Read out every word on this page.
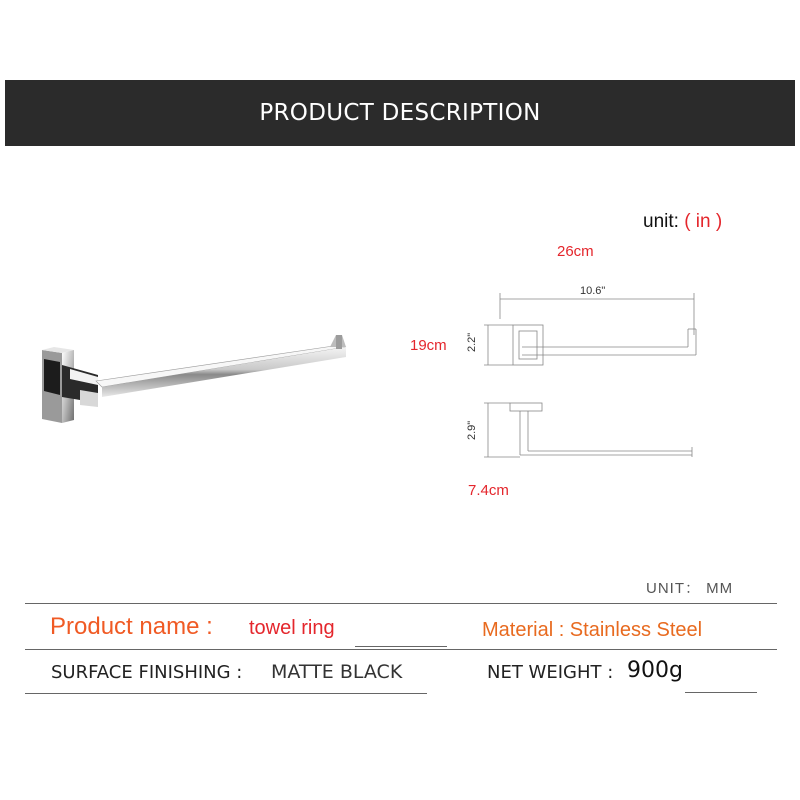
PRODUCT DESCRIPTION
unit: ( in )
26cm
10.6"
19cm 2.2"
2.9"
7.4cm
UNIT： MM
Product name : towel ring	Material : Stainless Steel
SURFACE FINISHING : MATTE BLACK	NET WEIGHT : 900g
